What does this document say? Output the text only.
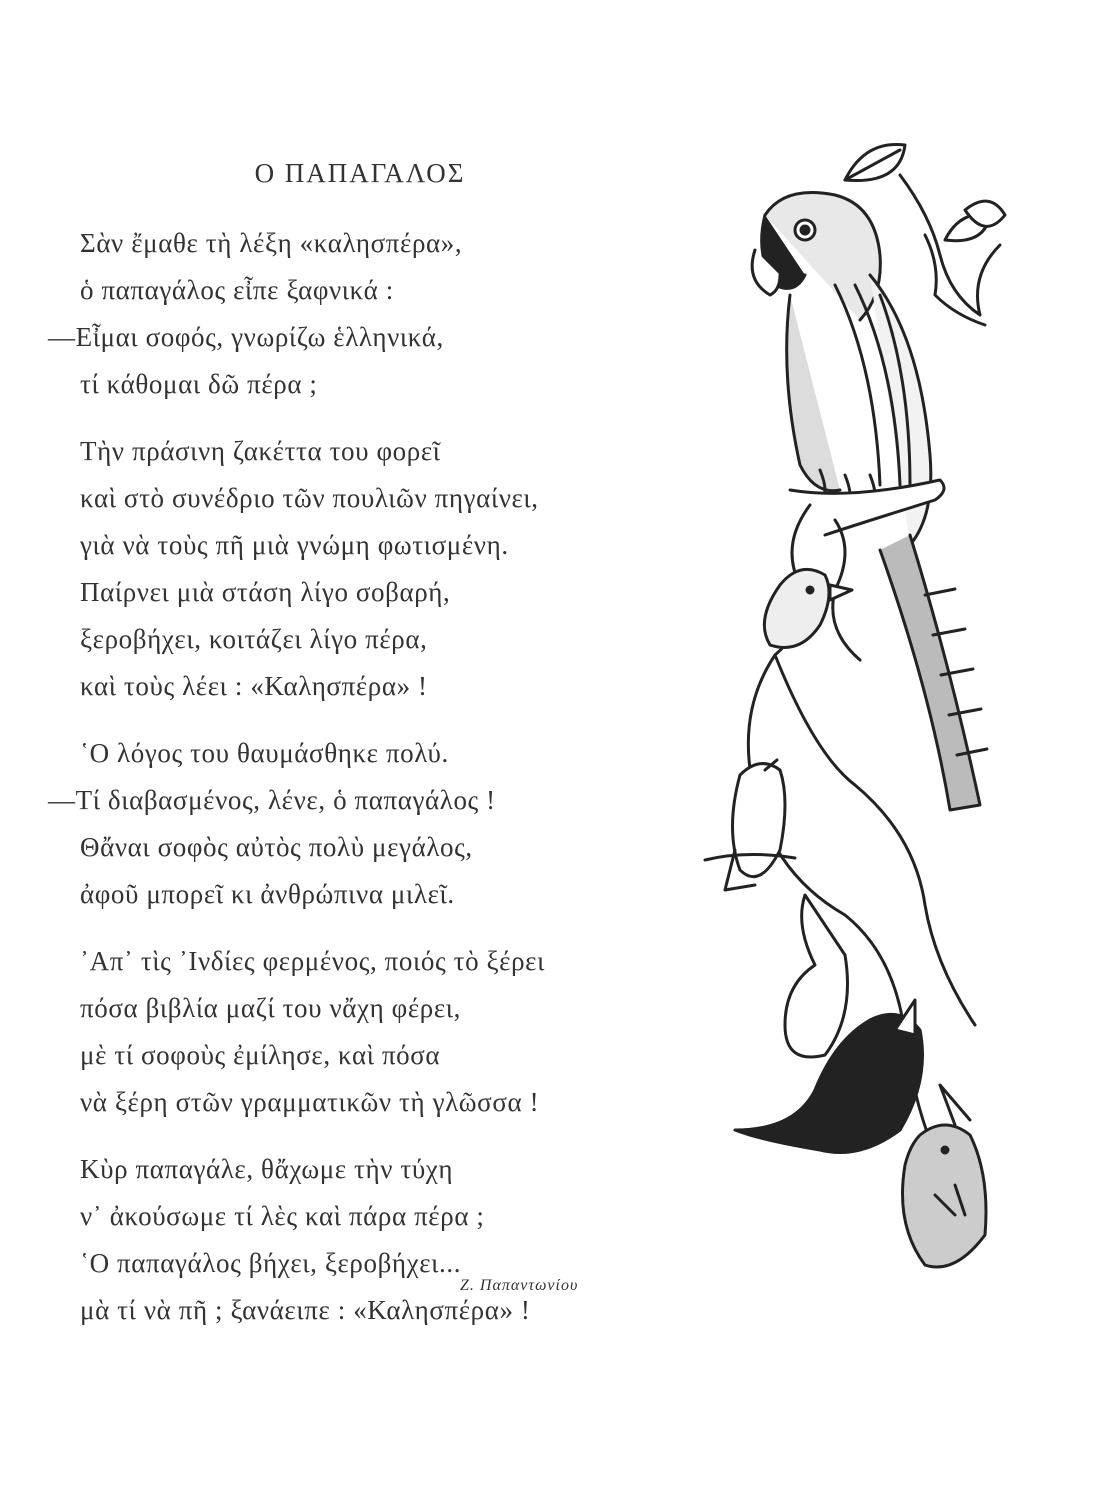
Ο ΠΑΠΑΓΑΛΟΣ
Σὰν ἔμαθε τὴ λέξη «καλησπέρα»,
ὁ παπαγάλος εἶπε ξαφνικά :
—Εἶμαι σοφός, γνωρίζω ἑλληνικά,
τί κάθομαι δῶ πέρα ;
Τὴν πράσινη ζακέττα του φορεῖ
καὶ στὸ συνέδριο τῶν πουλιῶν πηγαίνει,
γιὰ νὰ τοὺς πῆ μιὰ γνώμη φωτισμένη.
Παίρνει μιὰ στάση λίγο σοβαρή,
ξεροβήχει, κοιτάζει λίγο πέρα,
καὶ τοὺς λέει : «Καλησπέρα» !
῾Ο λόγος του θαυμάσθηκε πολύ.
—Τί διαβασμένος, λένε, ὁ παπαγάλος !
Θἄναι σοφὸς αὐτὸς πολὺ μεγάλος,
ἀφοῦ μπορεῖ κι ἀνθρώπινα μιλεῖ.
᾿Απ᾿ τὶς ᾿Ινδίες φερμένος, ποιός τὸ ξέρει
πόσα βιβλία μαζί του νἄχη φέρει,
μὲ τί σοφοὺς ἐμίλησε, καὶ πόσα
νὰ ξέρη στῶν γραμματικῶν τὴ γλῶσσα !
Κὺρ παπαγάλε, θἄχωμε τὴν τύχη
ν᾿ ἀκούσωμε τί λὲς καὶ πάρα πέρα ;
῾Ο παπαγάλος βήχει, ξεροβήχει...
μὰ τί νὰ πῆ ; ξανάειπε : «Καλησπέρα» !
Ζ. Παπαντωνίου
